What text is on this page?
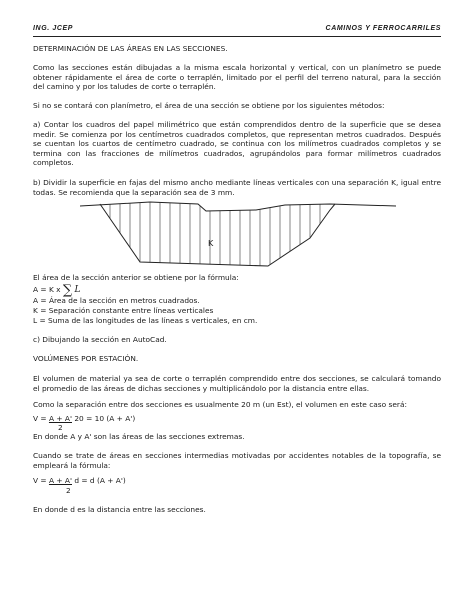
ING. JCEP	CAMINOS Y FERROCARRILES

DETERMINACIÓN DE LAS ÁREAS EN LAS SECCIONES.

Como las secciones están dibujadas a la misma escala horizontal y vertical, con un planímetro se puede obtener rápidamente el área de corte o terraplén, limitado por el perfil del terreno natural, para la sección del camino y por los taludes de corte o terraplén.

Si no se contará con planímetro, el área de una sección se obtiene por los siguientes métodos:

a) Contar los cuadros del papel milimétrico que están comprendidos dentro de la superficie que se desea medir. Se comienza por los centímetros cuadrados completos, que representan metros cuadrados. Después se cuentan los cuartos de centímetro cuadrado, se continua con los milímetros cuadrados completos y se termina con las fracciones de milímetros cuadrados, agrupándolos para formar milímetros cuadrados completos.

b) Dividir la superficie en fajas del mismo ancho mediante líneas verticales con una separación K, igual entre todas. Se recomienda que la separación sea de 3 mm.

K

El área de la sección anterior se obtiene por la fórmula:

A = K x ∑ L

A = Área de la sección en metros cuadrados.

K = Separación constante entre líneas verticales

L = Suma de las longitudes de las líneas s verticales, en cm.

c) Dibujando la sección en AutoCad.

VOLÚMENES POR ESTACIÓN.

El volumen de material ya sea de corte o terraplén comprendido entre dos secciones, se calculará tomando el promedio de las áreas de dichas secciones y multiplicándolo por la distancia entre ellas.

Como la separación entre dos secciones es usualmente 20 m (un Est), el volumen en este caso será:

V = A + A' 20 = 10 (A + A')

2

En donde A y A' son las áreas de las secciones extremas.

Cuando se trate de áreas en secciones intermedias motivadas por accidentes notables de la topografía, se empleará la fórmula:

V = A + A' d = d (A + A')

2

En donde d es la distancia entre las secciones.
